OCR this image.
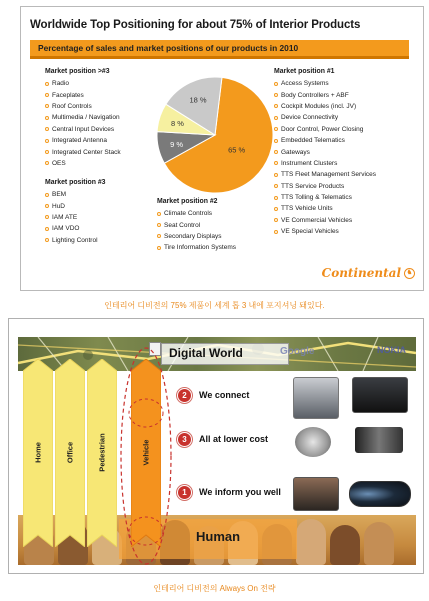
Worldwide Top Positioning for about 75% of Interior Products
Percentage of sales and market positions of our products in 2010
Market position >#3
Radio
Faceplates
Roof Controls
Multimedia / Navigation
Central Input Devices
Integrated Antenna
Integrated Center Stack
OES
Market position #3
BEM
HuD
IAM ATE
IAM VDO
Lighting Control
65 %
9 %
8 %
18 %
Market position #2
Climate Controls
Seat Control
Secondary Displays
Tire Information Systems
Market position #1
Access Systems
Body Controllers + ABF
Cockpit Modules (incl. JV)
Device Connectivity
Door Control, Power Closing
Embedded Telematics
Gateways
Instrument Clusters
TTS Fleet Management Services
TTS Service Products
TTS Tolling & Telematics
TTS Vehicle Units
VE Commercial Vehicles
VE Special Vehicles
Continental ♞
인테리어 디비전의 75% 제품이 세계 톱 3 내에 포지셔닝 돼있다.
Digital World	Google	NOKIA
Human
Home	Office	Pedestrian	Vehicle
2	We connect
3	All at lower cost
1	We inform you well
인테리어 디비전의 Always On 전략
